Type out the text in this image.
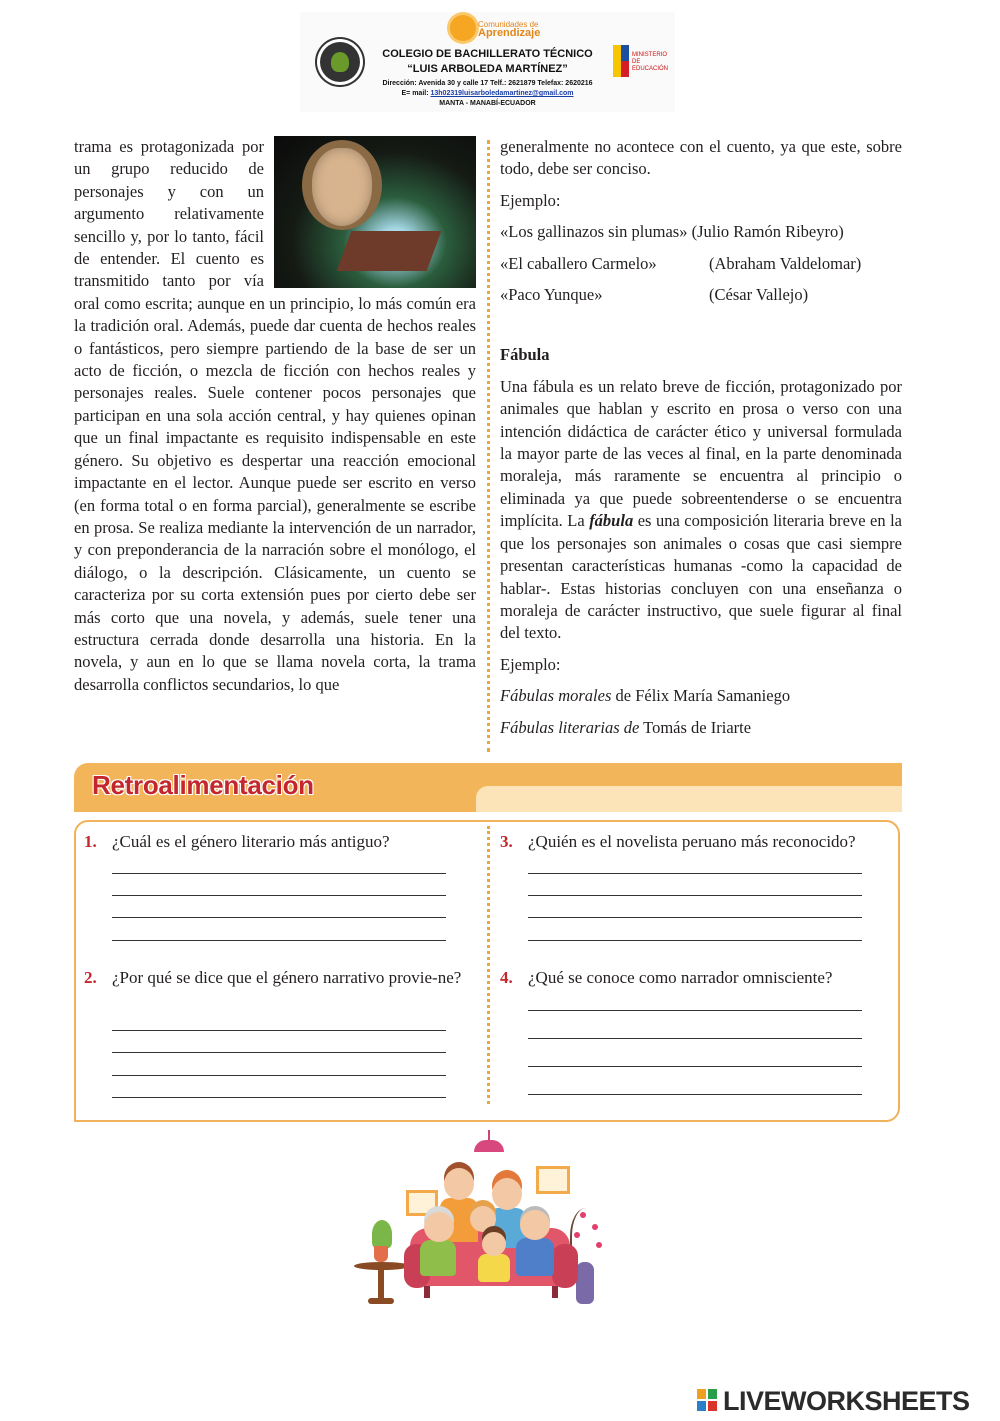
Comunidades de
Aprendizaje
COLEGIO DE BACHILLERATO TÉCNICO
“LUIS ARBOLEDA MARTÍNEZ”
Dirección: Avenida 30 y calle 17 Telf.: 2621879 Telefax: 2620216
E= mail: 13h02319luisarboledamartinez@gmail.com
MANTA - MANABÍ-ECUADOR
MINISTERIO DE EDUCACIÓN

trama es protagonizada por un grupo reducido de personajes y con un argumento relativamente sencillo y, por lo tanto, fácil de entender. El cuento es transmitido tanto por vía oral como escrita; aunque en un principio, lo más común era la tradición oral. Además, puede dar cuenta de hechos reales o fantásticos, pero siempre partiendo de la base de ser un acto de ficción, o mezcla de ficción con hechos reales y personajes reales. Suele contener pocos personajes que participan en una sola acción central, y hay quienes opinan que un final impactante es requisito indispensable en este género. Su objetivo es despertar una reacción emocional impactante en el lector. Aunque puede ser escrito en verso (en forma total o en forma parcial), generalmente se escribe en prosa. Se realiza mediante la intervención de un narrador, y con preponderancia de la narración sobre el monólogo, el diálogo, o la descripción. Clásicamente, un cuento se caracteriza por su corta extensión pues por cierto debe ser más corto que una novela, y además, suele tener una estructura cerrada donde desarrolla una historia. En la novela, y aun en lo que se llama novela corta, la trama desarrolla conflictos secundarios, lo que

generalmente no acontece con el cuento, ya que este, sobre todo, debe ser conciso.

Ejemplo:
«Los gallinazos sin plumas» (Julio Ramón Ribeyro)
«El caballero Carmelo»	(Abraham Valdelomar)
«Paco Yunque»	(César Vallejo)

Fábula

Una fábula es un relato breve de ficción, protagonizado por animales que hablan y escrito en prosa o verso con una intención didáctica de carácter ético y universal formulada la mayor parte de las veces al final, en la parte denominada moraleja, más raramente se encuentra al principio o eliminada ya que puede sobreentenderse o se encuentra implícita. La fábula es una composición literaria breve en la que los personajes son animales o cosas que casi siempre presentan características humanas -como la capacidad de hablar-. Estas historias concluyen con una enseñanza o moraleja de carácter instructivo, que suele figurar al final del texto.

Ejemplo:
Fábulas morales de Félix María Samaniego
Fábulas literarias de Tomás de Iriarte
Retroalimentación
1. ¿Cuál es el género literario más antiguo?
2. ¿Por qué se dice que el género narrativo provie-ne?
3. ¿Quién es el novelista peruano más reconocido?
4. ¿Qué se conoce como narrador omnisciente?
LIVEWORKSHEETS
